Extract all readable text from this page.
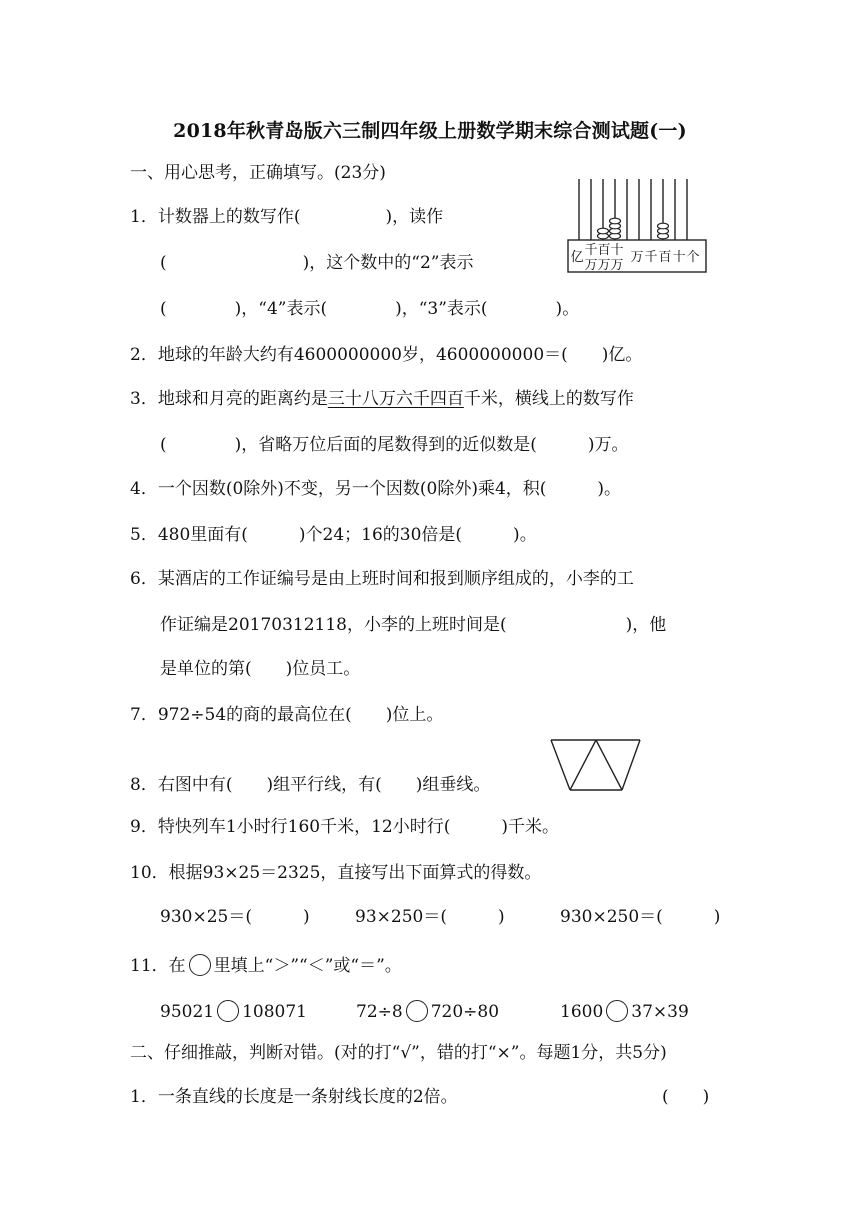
2018年秋青岛版六三制四年级上册数学期末综合测试题(一)
一、用心思考，正确填写。(23分)
1．计数器上的数写作(　　　　　)，读作
(　　　　　　　　)，这个数中的“2”表示
(　　　　)，“4”表示(　　　　)，“3”表示(　　　　)。
亿 千
万
百
万
十
万
万 千 百 十 个
2．地球的年龄大约有4600000000岁，4600000000＝(　　)亿。
3．地球和月亮的距离约是三十八万六千四百千米，横线上的数写作
(　　　　)，省略万位后面的尾数得到的近似数是(　　　)万。
4．一个因数(0除外)不变，另一个因数(0除外)乘4，积(　　　)。
5．480里面有(　　　)个24；16的30倍是(　　　)。
6．某酒店的工作证编号是由上班时间和报到顺序组成的，小李的工
作证编是20170312118，小李的上班时间是(　　　　　　　)，他
是单位的第(　　)位员工。
7．972÷54的商的最高位在(　　)位上。
8．右图中有(　　)组平行线，有(　　)组垂线。
9．特快列车1小时行160千米，12小时行(　　　)千米。
10．根据93×25＝2325，直接写出下面算式的得数。
930×25＝(　　　)	93×250＝(　　　)	930×250＝(　　　)
11．在 里填上“＞”“＜”或“＝”。
95021 108071	72÷8 720÷80	1600 37×39
二、仔细推敲，判断对错。(对的打“√”，错的打“×”。每题1分，共5分)
1．一条直线的长度是一条射线长度的2倍。	(　　)
